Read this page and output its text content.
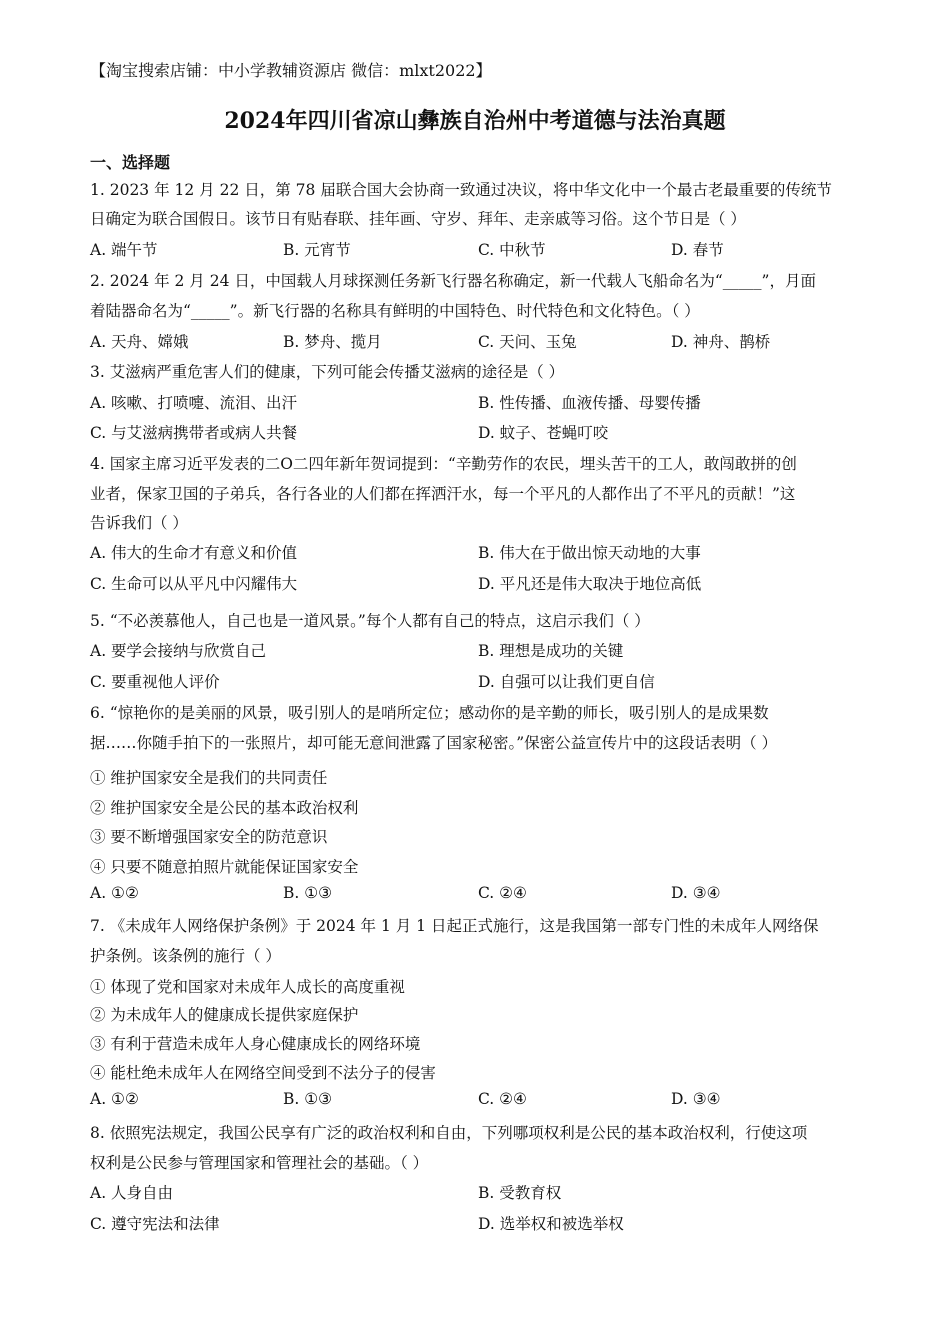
【淘宝搜索店铺：中小学教辅资源店 微信：mlxt2022】
2024年四川省凉山彝族自治州中考道德与法治真题
一、选择题
1. 2023 年 12 月 22 日，第 78 届联合国大会协商一致通过决议，将中华文化中一个最古老最重要的传统节
日确定为联合国假日。该节日有贴春联、挂年画、守岁、拜年、走亲戚等习俗。这个节日是（ ）
A. 端午节	B. 元宵节	C. 中秋节	D. 春节
2. 2024 年 2 月 24 日，中国载人月球探测任务新飞行器名称确定，新一代载人飞船命名为“_____”，月面
着陆器命名为“_____”。新飞行器的名称具有鲜明的中国特色、时代特色和文化特色。（ ）
A. 天舟、嫦娥	B. 梦舟、揽月	C. 天问、玉兔	D. 神舟、鹊桥
3. 艾滋病严重危害人们的健康，下列可能会传播艾滋病的途径是（ ）
A. 咳嗽、打喷嚏、流泪、出汗	B. 性传播、血液传播、母婴传播
C. 与艾滋病携带者或病人共餐	D. 蚊子、苍蝇叮咬
4. 国家主席习近平发表的二O二四年新年贺词提到：“辛勤劳作的农民，埋头苦干的工人，敢闯敢拼的创
业者，保家卫国的子弟兵，各行各业的人们都在挥洒汗水，每一个平凡的人都作出了不平凡的贡献！”这
告诉我们（ ）
A. 伟大的生命才有意义和价值	B. 伟大在于做出惊天动地的大事
C. 生命可以从平凡中闪耀伟大	D. 平凡还是伟大取决于地位高低
5. “不必羡慕他人，自己也是一道风景。”每个人都有自己的特点，这启示我们（ ）
A. 要学会接纳与欣赏自己	B. 理想是成功的关键
C. 要重视他人评价	D. 自强可以让我们更自信
6. “惊艳你的是美丽的风景，吸引别人的是哨所定位；感动你的是辛勤的师长，吸引别人的是成果数
据……你随手拍下的一张照片，却可能无意间泄露了国家秘密。”保密公益宣传片中的这段话表明（ ）
① 维护国家安全是我们的共同责任
② 维护国家安全是公民的基本政治权利
③ 要不断增强国家安全的防范意识
④ 只要不随意拍照片就能保证国家安全
A. ①②	B. ①③	C. ②④	D. ③④
7. 《未成年人网络保护条例》于 2024 年 1 月 1 日起正式施行，这是我国第一部专门性的未成年人网络保
护条例。该条例的施行（ ）
① 体现了党和国家对未成年人成长的高度重视
② 为未成年人的健康成长提供家庭保护
③ 有利于营造未成年人身心健康成长的网络环境
④ 能杜绝未成年人在网络空间受到不法分子的侵害
A. ①②	B. ①③	C. ②④	D. ③④
8. 依照宪法规定，我国公民享有广泛的政治权利和自由，下列哪项权利是公民的基本政治权利，行使这项
权利是公民参与管理国家和管理社会的基础。（ ）
A. 人身自由	B. 受教育权
C. 遵守宪法和法律	D. 选举权和被选举权
